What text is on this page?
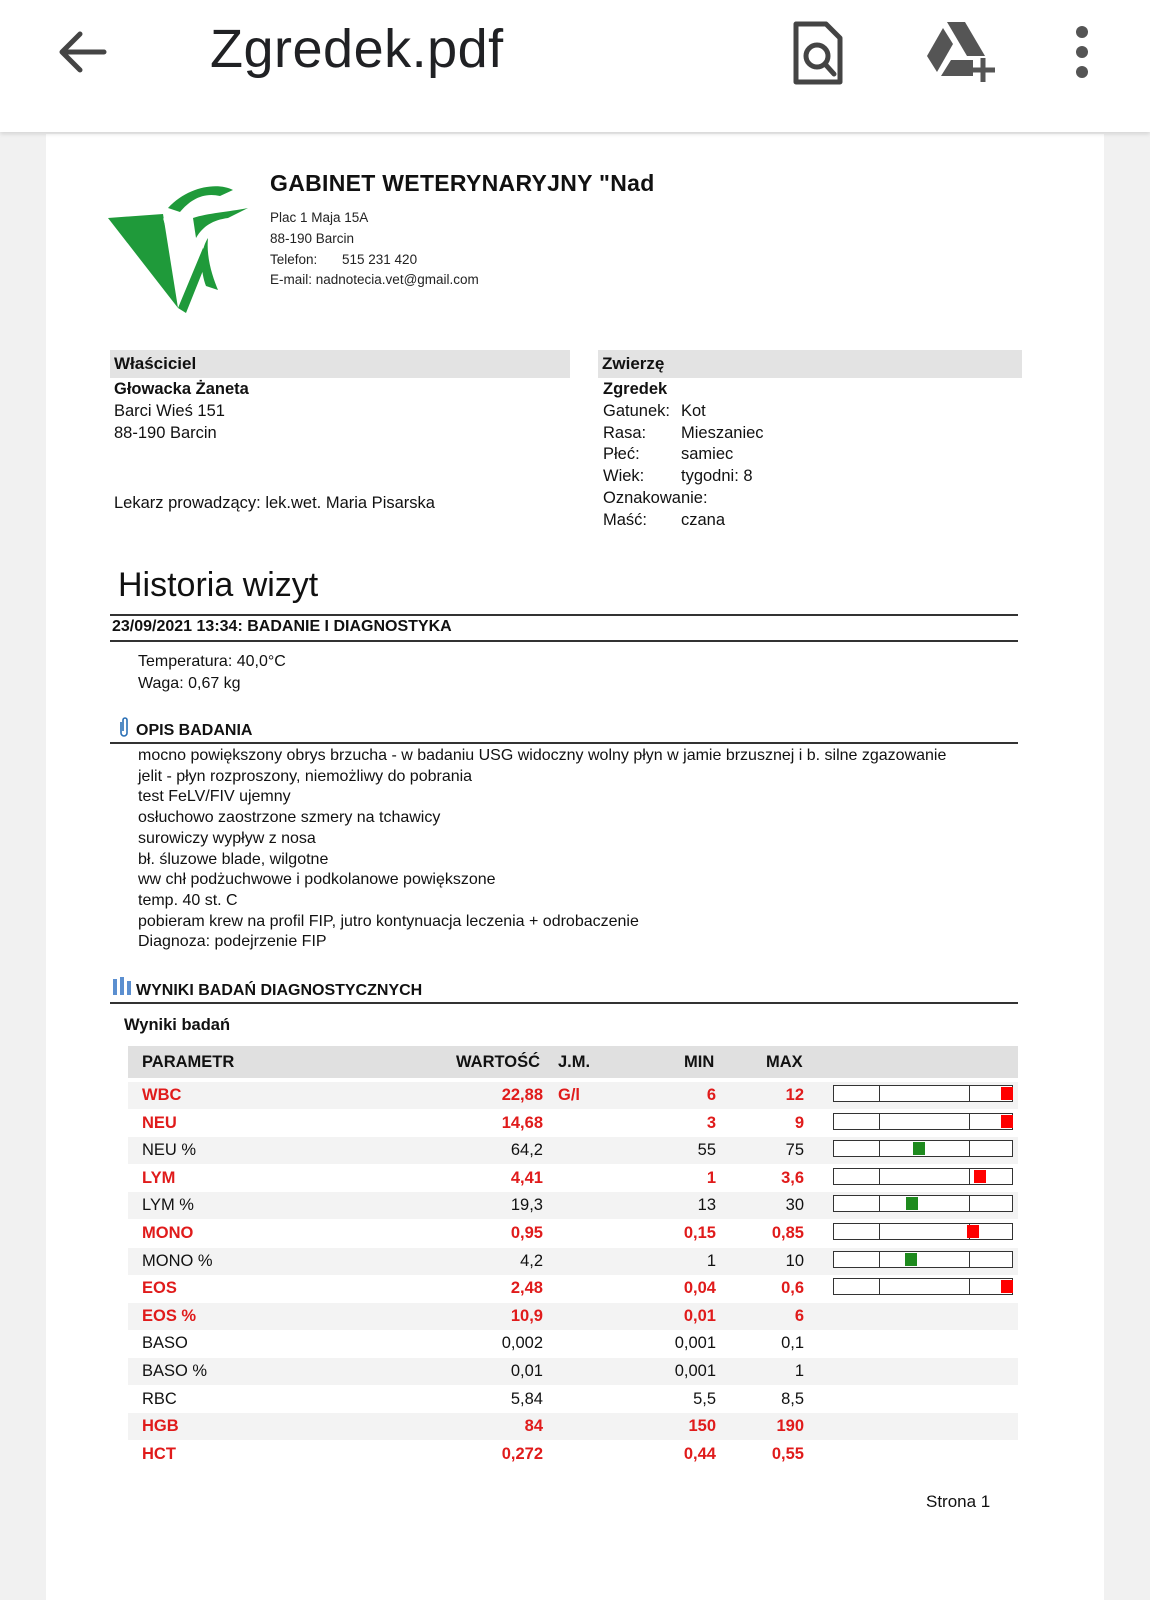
Zgredek.pdf
GABINET WETERYNARYJNY "Nad
Plac 1 Maja 15A
88-190 Barcin
Telefon: 515 231 420
E-mail: nadnotecia.vet@gmail.com
Właściciel
Głowacka Żaneta
Barci Wieś 151
88-190 Barcin
Lekarz prowadzący: lek.wet. Maria Pisarska
Zwierzę
Zgredek
Gatunek: Kot
Rasa: Mieszaniec
Płeć:	samiec
Wiek: tygodni: 8
Oznakowanie:
Maść: czana
Historia wizyt
23/09/2021 13:34: BADANIE I DIAGNOSTYKA
Temperatura: 40,0°C
Waga: 0,67 kg
OPIS BADANIA
mocno powiększony obrys brzucha - w badaniu USG widoczny wolny płyn w jamie brzusznej i b. silne zgazowanie
jelit - płyn rozproszony, niemożliwy do pobrania
test FeLV/FIV ujemny
osłuchowo zaostrzone szmery na tchawicy
surowiczy wypływ z nosa
bł. śluzowe blade, wilgotne
ww chł podżuchwowe i podkolanowe powiększone
temp. 40 st. C
pobieram krew na profil FIP, jutro kontynuacja leczenia + odrobaczenie
Diagnoza: podejrzenie FIP
WYNIKI BADAŃ DIAGNOSTYCZNYCH
Wyniki badań
PARAMETR	WARTOŚĆ J.M.	MIN	MAX
WBC	22,88 G/l	6	12
NEU	14,68	3	9
NEU %	64,2	55	75
LYM	4,41	1	3,6
LYM %	19,3	13	30
MONO	0,95	0,15	0,85
MONO %	4,2	1	10
EOS	2,48	0,04	0,6
EOS %	10,9	0,01	6
BASO	0,002	0,001	0,1
BASO %	0,01	0,001	1
RBC	5,84	5,5	8,5
HGB	84	150	190
HCT	0,272	0,44	0,55
Strona 1
